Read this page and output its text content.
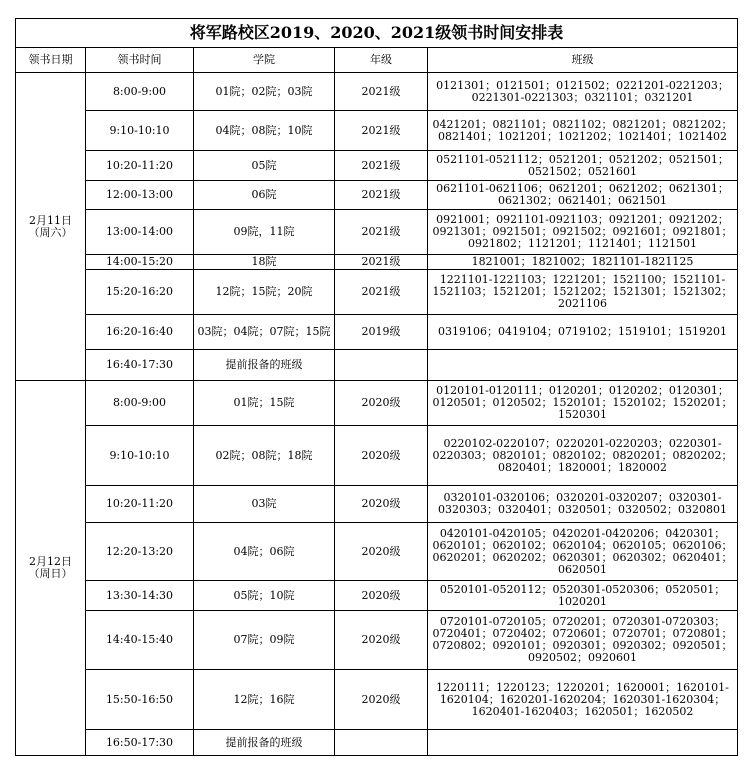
将军路校区2019、2020、2021级领书时间安排表				
领书日期	领书时间	学院	年级	班级

2月11日
（周六）	8:00-9:00	01院；02院；03院	2021级	0121301；0121501；0121502；0221201-0221203；0221301-0221303；0321101；0321201
	9:10-10:10	04院；08院；10院	2021级	0421201；0821101；0821102；0821201；0821202；0821401；1021201；1021202；1021401；1021402
	10:20-11:20	05院	2021级	0521101-0521112；0521201；0521202；0521501；0521502；0521601
	12:00-13:00	06院	2021级	0621101-0621106；0621201；0621202；0621301；0621302；0621401；0621501
	13:00-14:00	09院，11院	2021级	0921001；0921101-0921103；0921201；0921202；0921301；0921501；0921502；0921601；0921801；0921802；1121201；1121401；1121501
	14:00-15:20	18院	2021级	1821001；1821002；1821101-1821125
	15:20-16:20	12院；15院；20院	2021级	1221101-1221103；1221201；1521100；1521101-1521103；1521201；1521202；1521301；1521302；2021106
	16:20-16:40	03院；04院；07院；15院	2019级	0319106；0419104；0719102；1519101；1519201
	16:40-17:30	提前报备的班级		

2月12日
（周日）	8:00-9:00	01院；15院	2020级	0120101-0120111；0120201；0120202；0120301；0120501；0120502；1520101；1520102；1520201；1520301
	9:10-10:10	02院；08院；18院	2020级	0220102-0220107；0220201-0220203；0220301-0220303；0820101；0820102；0820201；0820202；0820401；1820001；1820002
	10:20-11:20	03院	2020级	0320101-0320106；0320201-0320207；0320301-0320303；0320401；0320501；0320502；0320801
	12:20-13:20	04院；06院	2020级	0420101-0420105；0420201-0420206；0420301；0620101；0620102；0620104；0620105；0620106；0620201；0620202；0620301；0620302；0620401；0620501
	13:30-14:30	05院；10院	2020级	0520101-0520112；0520301-0520306；0520501；1020201
	14:40-15:40	07院；09院	2020级	0720101-0720105；0720201；0720301-0720303；0720401；0720402；0720601；0720701；0720801；0720802；0920101；0920301；0920302；0920501；0920502；0920601
	15:50-16:50	12院；16院	2020级	1220111；1220123；1220201；1620001；1620101-1620104；1620201-1620204；1620301-1620304；1620401-1620403；1620501；1620502
	16:50-17:30	提前报备的班级		
